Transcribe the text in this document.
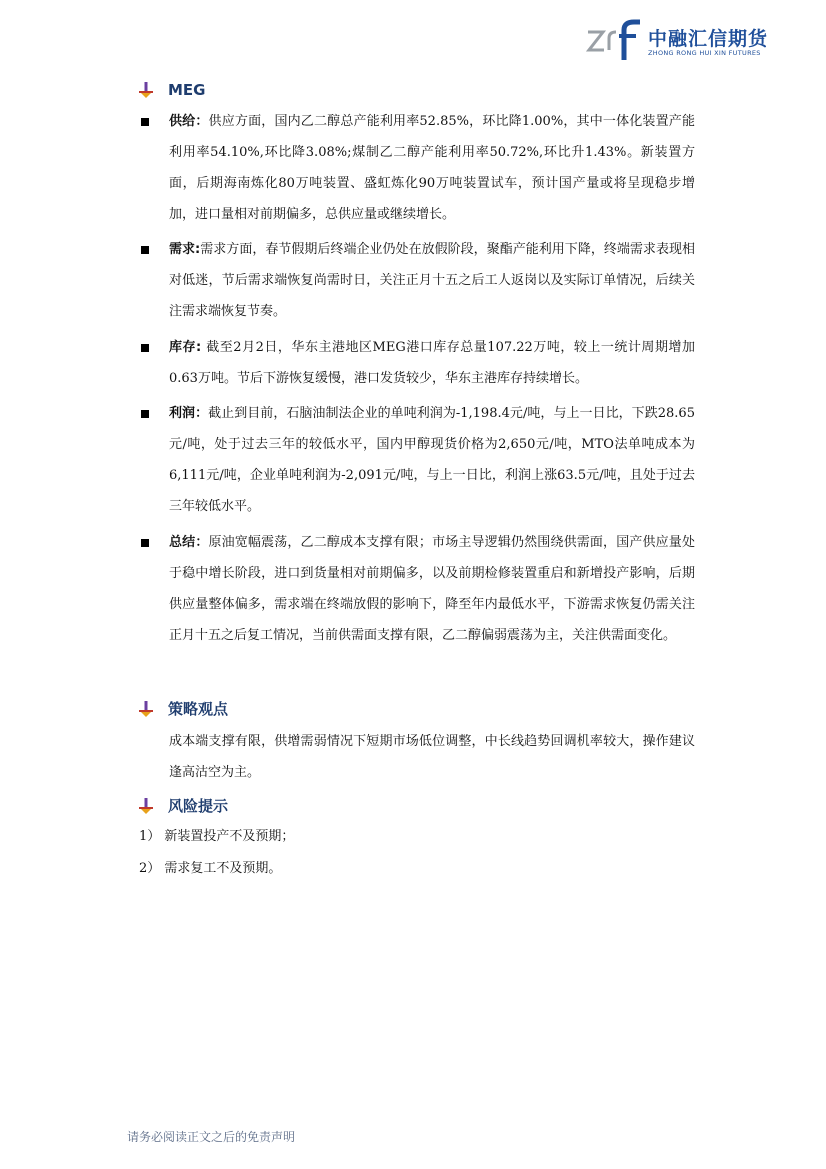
中融汇信期货
ZHONG RONG HUI XIN FUTURES
MEG
供给：供应方面，国内乙二醇总产能利用率52.85%，环比降1.00%，其中一体化装置产能利用率54.10%,环比降3.08%;煤制乙二醇产能利用率50.72%,环比升1.43%。新装置方面，后期海南炼化80万吨装置、盛虹炼化90万吨装置试车，预计国产量或将呈现稳步增加，进口量相对前期偏多，总供应量或继续增长。
需求:需求方面，春节假期后终端企业仍处在放假阶段，聚酯产能利用下降，终端需求表现相对低迷，节后需求端恢复尚需时日，关注正月十五之后工人返岗以及实际订单情况，后续关注需求端恢复节奏。
库存: 截至2月2日，华东主港地区MEG港口库存总量107.22万吨，较上一统计周期增加0.63万吨。节后下游恢复缓慢，港口发货较少，华东主港库存持续增长。
利润：截止到目前，石脑油制法企业的单吨利润为-1,198.4元/吨，与上一日比，下跌28.65元/吨，处于过去三年的较低水平，国内甲醇现货价格为2,650元/吨，MTO法单吨成本为6,111元/吨，企业单吨利润为-2,091元/吨，与上一日比，利润上涨63.5元/吨，且处于过去三年较低水平。
总结：原油宽幅震荡，乙二醇成本支撑有限；市场主导逻辑仍然围绕供需面，国产供应量处于稳中增长阶段，进口到货量相对前期偏多，以及前期检修装置重启和新增投产影响，后期供应量整体偏多，需求端在终端放假的影响下，降至年内最低水平，下游需求恢复仍需关注正月十五之后复工情况，当前供需面支撑有限，乙二醇偏弱震荡为主，关注供需面变化。
策略观点
成本端支撑有限，供增需弱情况下短期市场低位调整，中长线趋势回调机率较大，操作建议逢高沽空为主。
风险提示
1） 新装置投产不及预期；
2） 需求复工不及预期。
请务必阅读正文之后的免责声明
